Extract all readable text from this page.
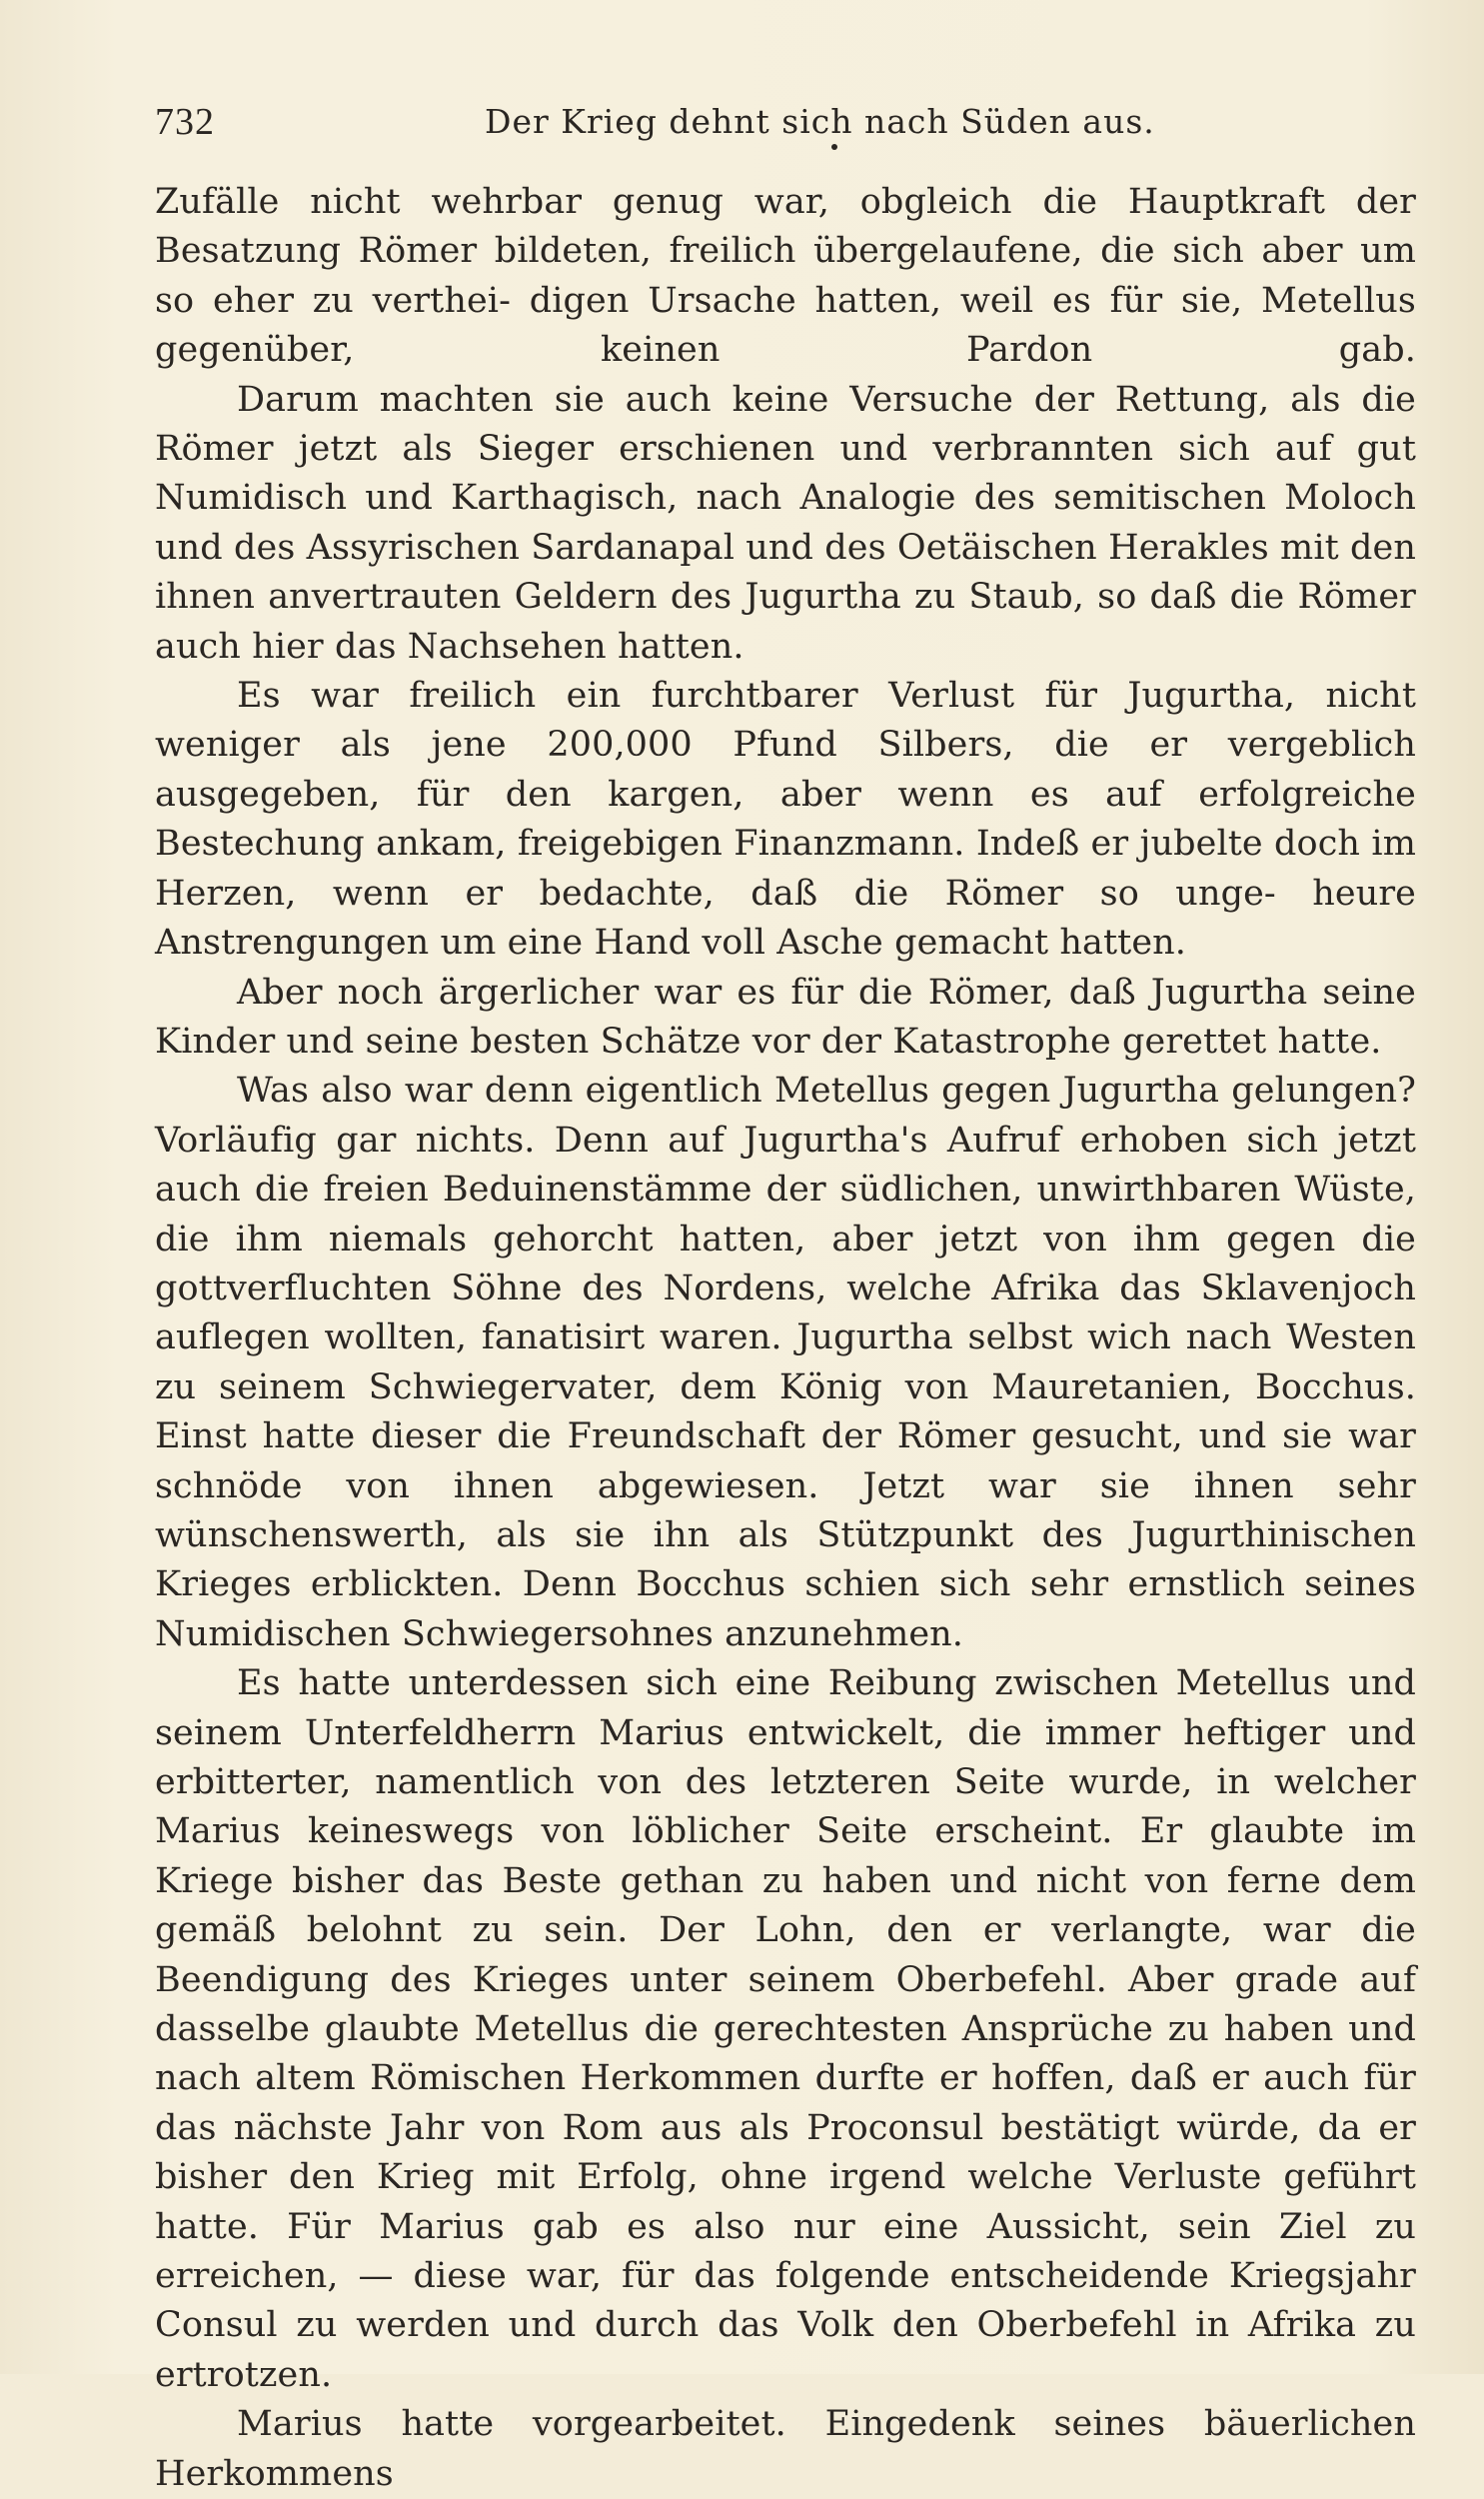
732	Der Krieg dehnt sich nach Süden aus.

Zufälle nicht wehrbar genug war, obgleich die Hauptkraft der Besatzung Römer bildeten, freilich übergelaufene, die sich aber um so eher zu verthei- digen Ursache hatten, weil es für sie, Metellus gegenüber, keinen Pardon gab.

Darum machten sie auch keine Versuche der Rettung, als die Römer jetzt als Sieger erschienen und verbrannten sich auf gut Numidisch und Karthagisch, nach Analogie des semitischen Moloch und des Assyrischen Sardanapal und des Oetäischen Herakles mit den ihnen anvertrauten Geldern des Jugurtha zu Staub, so daß die Römer auch hier das Nachsehen hatten.

Es war freilich ein furchtbarer Verlust für Jugurtha, nicht weniger als jene 200,000 Pfund Silbers, die er vergeblich ausgegeben, für den kargen, aber wenn es auf erfolgreiche Bestechung ankam, freigebigen Finanzmann. Indeß er jubelte doch im Herzen, wenn er bedachte, daß die Römer so unge- heure Anstrengungen um eine Hand voll Asche gemacht hatten.

Aber noch ärgerlicher war es für die Römer, daß Jugurtha seine Kinder und seine besten Schätze vor der Katastrophe gerettet hatte.

Was also war denn eigentlich Metellus gegen Jugurtha gelungen? Vorläufig gar nichts. Denn auf Jugurtha's Aufruf erhoben sich jetzt auch die freien Beduinenstämme der südlichen, unwirthbaren Wüste, die ihm niemals gehorcht hatten, aber jetzt von ihm gegen die gottverfluchten Söhne des Nordens, welche Afrika das Sklavenjoch auflegen wollten, fanatisirt waren. Jugurtha selbst wich nach Westen zu seinem Schwiegervater, dem König von Mauretanien, Bocchus. Einst hatte dieser die Freundschaft der Römer gesucht, und sie war schnöde von ihnen abgewiesen. Jetzt war sie ihnen sehr wünschenswerth, als sie ihn als Stützpunkt des Jugurthinischen Krieges erblickten. Denn Bocchus schien sich sehr ernstlich seines Numidischen Schwiegersohnes anzunehmen.

Es hatte unterdessen sich eine Reibung zwischen Metellus und seinem Unterfeldherrn Marius entwickelt, die immer heftiger und erbitterter, namentlich von des letzteren Seite wurde, in welcher Marius keineswegs von löblicher Seite erscheint. Er glaubte im Kriege bisher das Beste gethan zu haben und nicht von ferne dem gemäß belohnt zu sein. Der Lohn, den er verlangte, war die Beendigung des Krieges unter seinem Oberbefehl. Aber grade auf dasselbe glaubte Metellus die gerechtesten Ansprüche zu haben und nach altem Römischen Herkommen durfte er hoffen, daß er auch für das nächste Jahr von Rom aus als Proconsul bestätigt würde, da er bisher den Krieg mit Erfolg, ohne irgend welche Verluste geführt hatte. Für Marius gab es also nur eine Aussicht, sein Ziel zu erreichen, — diese war, für das folgende entscheidende Kriegsjahr Consul zu werden und durch das Volk den Oberbefehl in Afrika zu ertrotzen.

Marius hatte vorgearbeitet. Eingedenk seines bäuerlichen Herkommens
